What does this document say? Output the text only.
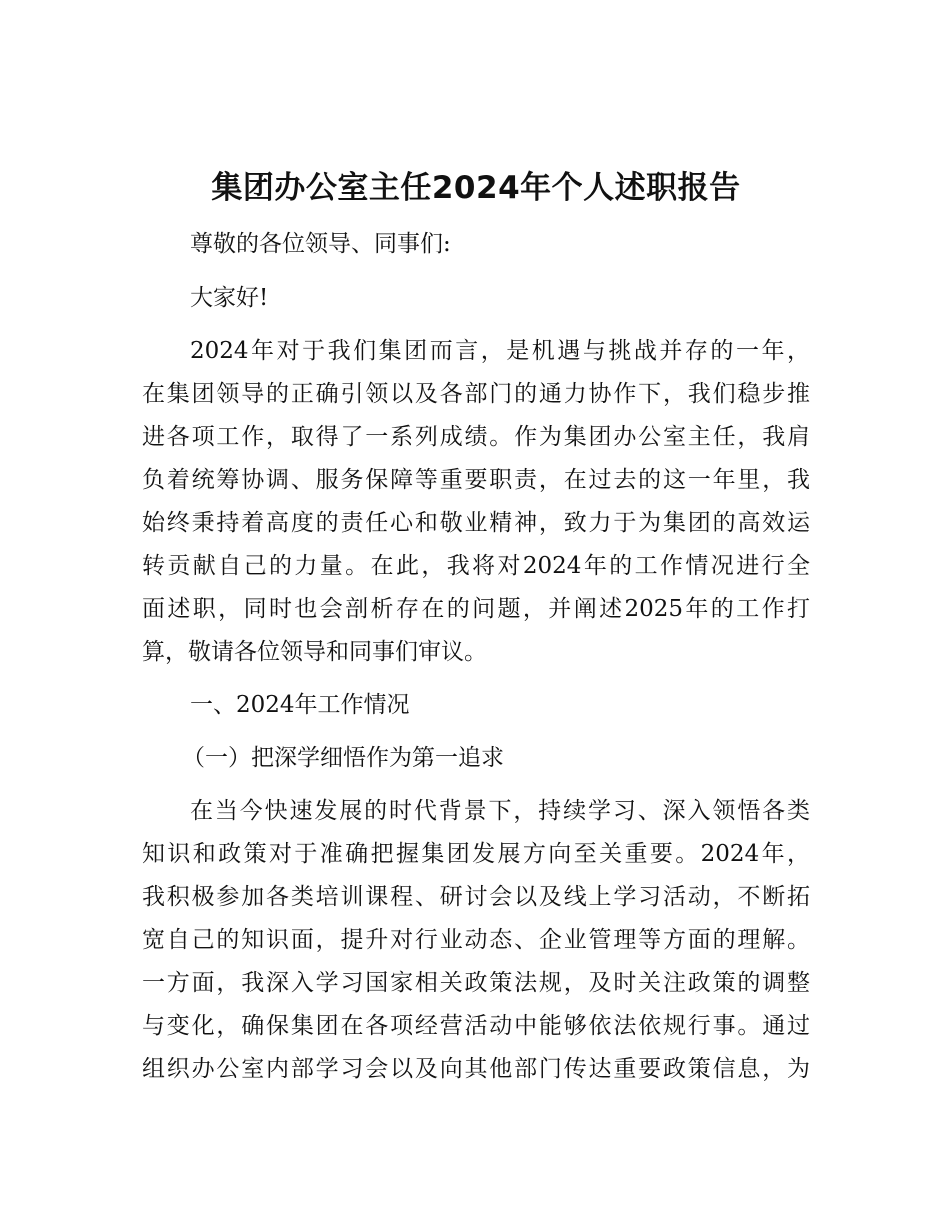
集团办公室主任2024年个人述职报告
尊敬的各位领导、同事们:
大家好!
2024年对于我们集团而言，是机遇与挑战并存的一年，
在集团领导的正确引领以及各部门的通力协作下，我们稳步推
进各项工作，取得了一系列成绩。作为集团办公室主任，我肩
负着统筹协调、服务保障等重要职责，在过去的这一年里，我
始终秉持着高度的责任心和敬业精神，致力于为集团的高效运
转贡献自己的力量。在此，我将对2024年的工作情况进行全
面述职，同时也会剖析存在的问题，并阐述2025年的工作打
算，敬请各位领导和同事们审议。
一、2024年工作情况
（一）把深学细悟作为第一追求
在当今快速发展的时代背景下，持续学习、深入领悟各类
知识和政策对于准确把握集团发展方向至关重要。2024年，
我积极参加各类培训课程、研讨会以及线上学习活动，不断拓
宽自己的知识面，提升对行业动态、企业管理等方面的理解。
一方面，我深入学习国家相关政策法规，及时关注政策的调整
与变化，确保集团在各项经营活动中能够依法依规行事。通过
组织办公室内部学习会以及向其他部门传达重要政策信息，为
